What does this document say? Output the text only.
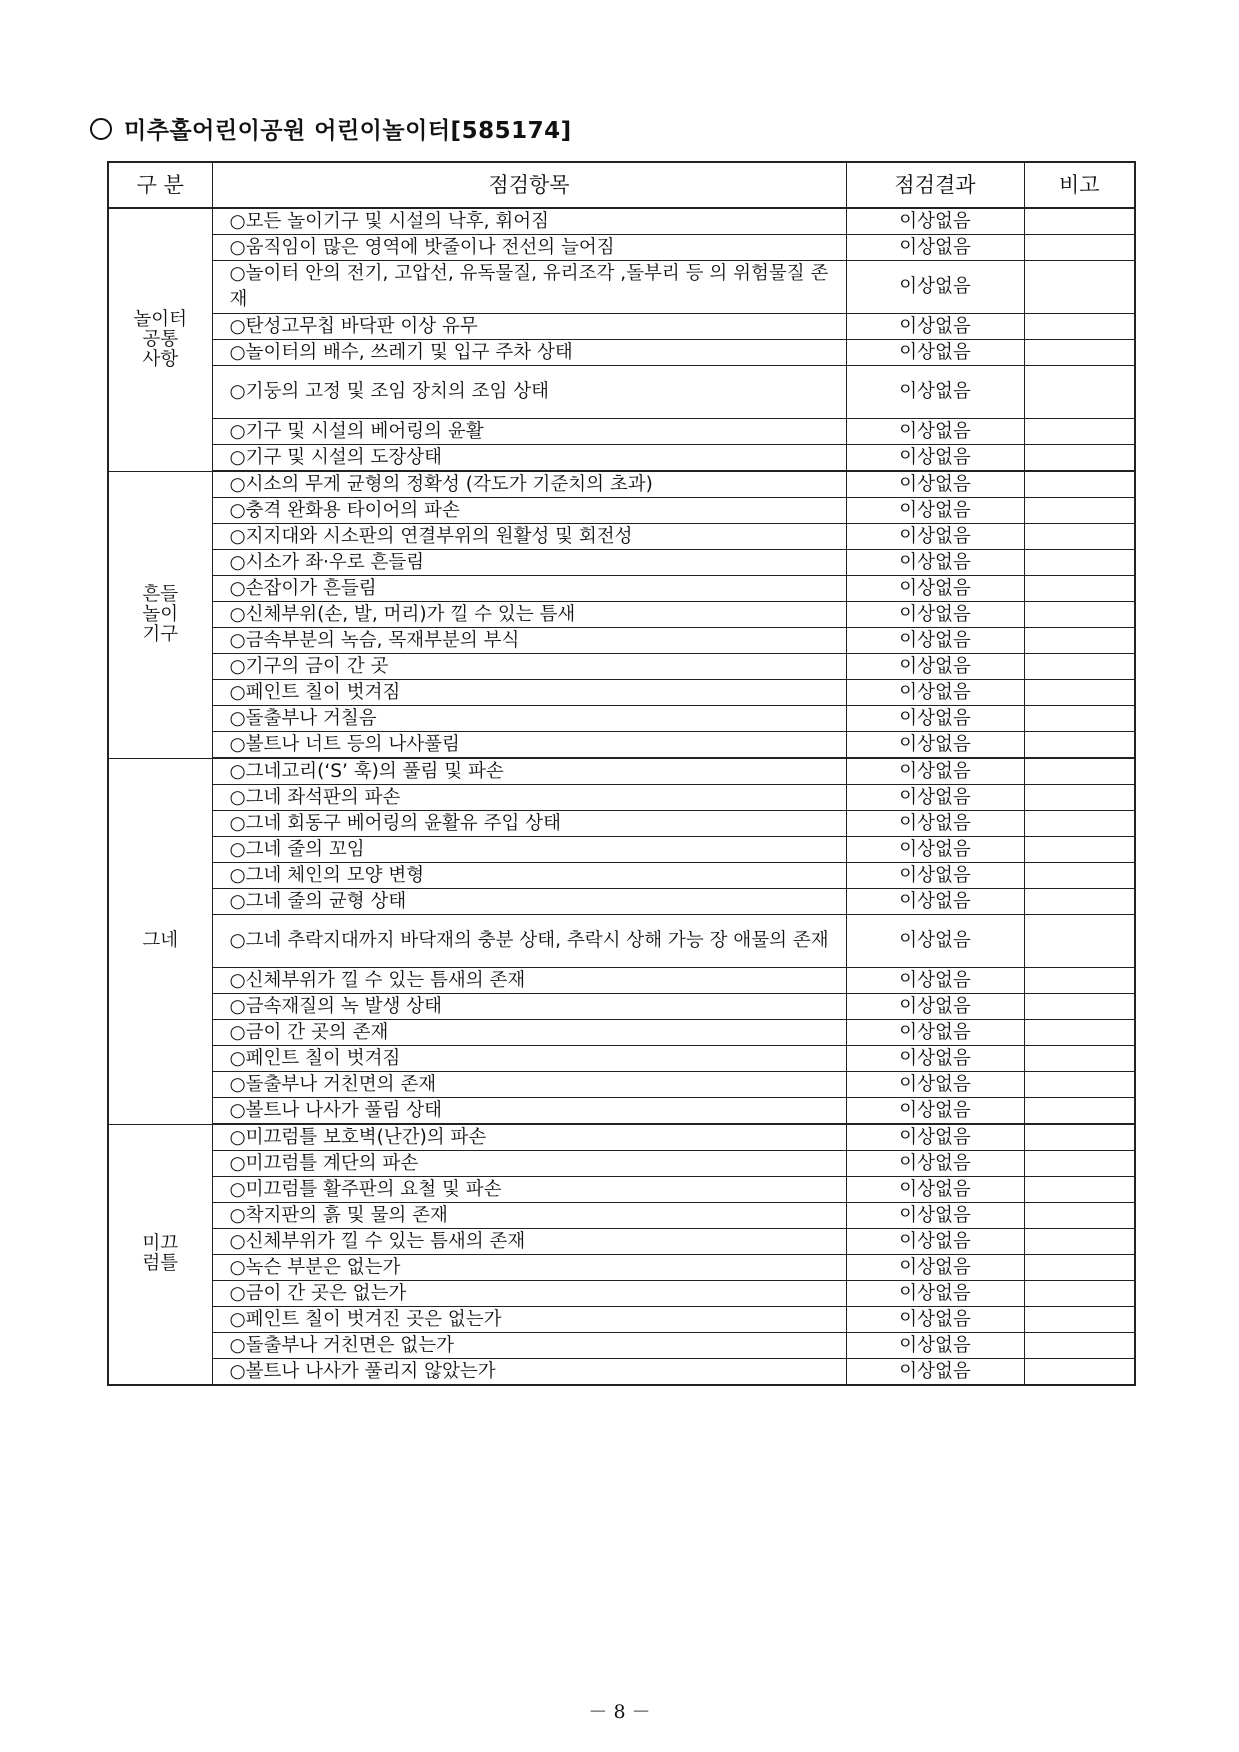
미추홀어린이공원 어린이놀이터[585174]
구 분	점검항목	점검결과	비고

놀이터
공통
사항	○모든 놀이기구 및 시설의 낙후, 휘어짐	이상없음	
	○움직임이 많은 영역에 밧줄이나 전선의 늘어짐	이상없음	
	○놀이터 안의 전기, 고압선, 유독물질, 유리조각 ,돌부리 등 의 위험물질 존재	이상없음	
	○탄성고무칩 바닥판 이상 유무	이상없음	
	○놀이터의 배수, 쓰레기 및 입구 주차 상태	이상없음	
	○기둥의 고정 및 조임 장치의 조임 상태	이상없음	
	○기구 및 시설의 베어링의 윤활	이상없음	
	○기구 및 시설의 도장상태	이상없음	

흔들
놀이
기구	○시소의 무게 균형의 정확성 (각도가 기준치의 초과)	이상없음	
	○충격 완화용 타이어의 파손	이상없음	
	○지지대와 시소판의 연결부위의 원활성 및 회전성	이상없음	
	○시소가 좌‧우로 흔들림	이상없음	
	○손잡이가 흔들림	이상없음	
	○신체부위(손, 발, 머리)가 낄 수 있는 틈새	이상없음	
	○금속부분의 녹슴, 목재부분의 부식	이상없음	
	○기구의 금이 간 곳	이상없음	
	○페인트 칠이 벗겨짐	이상없음	
	○돌출부나 거칠음	이상없음	
	○볼트나 너트 등의 나사풀림	이상없음	

그네	○그네고리(‘S’ 훅)의 풀림 및 파손	이상없음	
	○그네 좌석판의 파손	이상없음	
	○그네 회동구 베어링의 윤활유 주입 상태	이상없음	
	○그네 줄의 꼬임	이상없음	
	○그네 체인의 모양 변형	이상없음	
	○그네 줄의 균형 상태	이상없음	
	○그네 추락지대까지 바닥재의 충분 상태, 추락시 상해 가능 장 애물의 존재	이상없음	
	○신체부위가 낄 수 있는 틈새의 존재	이상없음	
	○금속재질의 녹 발생 상태	이상없음	
	○금이 간 곳의 존재	이상없음	
	○페인트 칠이 벗겨짐	이상없음	
	○돌출부나 거친면의 존재	이상없음	
	○볼트나 나사가 풀림 상태	이상없음	

미끄
럼틀	○미끄럼틀 보호벽(난간)의 파손	이상없음	
	○미끄럼틀 계단의 파손	이상없음	
	○미끄럼틀 활주판의 요철 및 파손	이상없음	
	○착지판의 흙 및 물의 존재	이상없음	
	○신체부위가 낄 수 있는 틈새의 존재	이상없음	
	○녹슨 부분은 없는가	이상없음	
	○금이 간 곳은 없는가	이상없음	
	○페인트 칠이 벗겨진 곳은 없는가	이상없음	
	○돌출부나 거친면은 없는가	이상없음	
	○볼트나 나사가 풀리지 않았는가	이상없음	
－ 8 －
